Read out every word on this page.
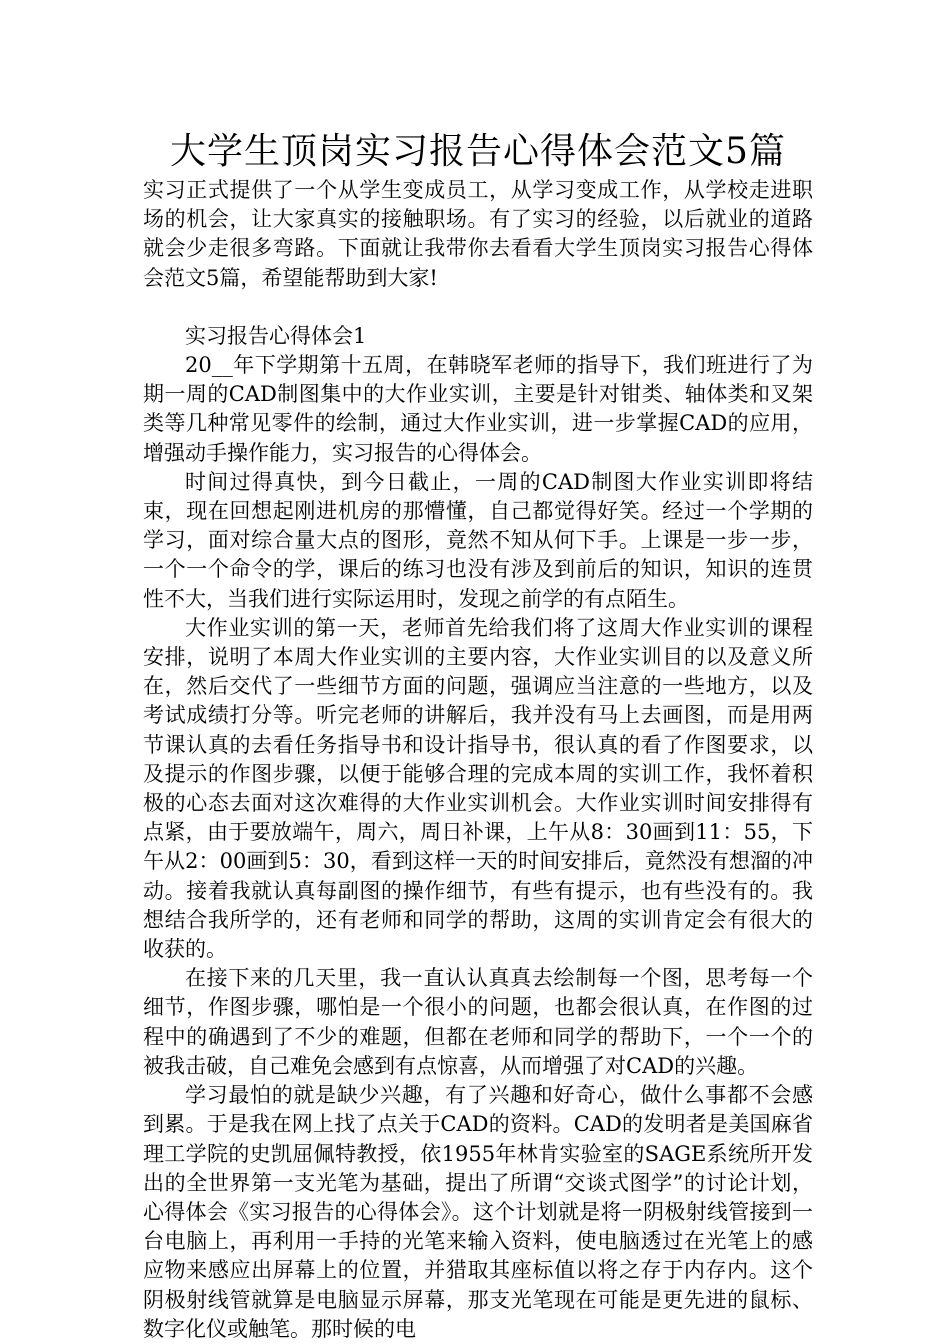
大学生顶岗实习报告心得体会范文5篇

实习正式提供了一个从学生变成员工，从学习变成工作，从学校走进职场的机会，让大家真实的接触职场。有了实习的经验，以后就业的道路就会少走很多弯路。下面就让我带你去看看大学生顶岗实习报告心得体会范文5篇，希望能帮助到大家!

实习报告心得体会1

20__年下学期第十五周，在韩晓军老师的指导下，我们班进行了为期一周的CAD制图集中的大作业实训，主要是针对钳类、轴体类和叉架类等几种常见零件的绘制，通过大作业实训，进一步掌握CAD的应用，增强动手操作能力，实习报告的心得体会。

时间过得真快，到今日截止，一周的CAD制图大作业实训即将结束，现在回想起刚进机房的那懵懂，自己都觉得好笑。经过一个学期的学习，面对综合量大点的图形，竟然不知从何下手。上课是一步一步，一个一个命令的学，课后的练习也没有涉及到前后的知识，知识的连贯性不大，当我们进行实际运用时，发现之前学的有点陌生。

大作业实训的第一天，老师首先给我们将了这周大作业实训的课程安排，说明了本周大作业实训的主要内容，大作业实训目的以及意义所在，然后交代了一些细节方面的问题，强调应当注意的一些地方，以及考试成绩打分等。听完老师的讲解后，我并没有马上去画图，而是用两节课认真的去看任务指导书和设计指导书，很认真的看了作图要求，以及提示的作图步骤，以便于能够合理的完成本周的实训工作，我怀着积极的心态去面对这次难得的大作业实训机会。大作业实训时间安排得有点紧，由于要放端午，周六，周日补课，上午从8：30画到11：55，下午从2：00画到5：30，看到这样一天的时间安排后，竟然没有想溜的冲动。接着我就认真每副图的操作细节，有些有提示，也有些没有的。我想结合我所学的，还有老师和同学的帮助，这周的实训肯定会有很大的收获的。

在接下来的几天里，我一直认认真真去绘制每一个图，思考每一个细节，作图步骤，哪怕是一个很小的问题，也都会很认真，在作图的过程中的确遇到了不少的难题，但都在老师和同学的帮助下，一个一个的被我击破，自己难免会感到有点惊喜，从而增强了对CAD的兴趣。

学习最怕的就是缺少兴趣，有了兴趣和好奇心，做什么事都不会感到累。于是我在网上找了点关于CAD的资料。CAD的发明者是美国麻省理工学院的史凯屈佩特教授，依1955年林肯实验室的SAGE系统所开发出的全世界第一支光笔为基础，提出了所谓“交谈式图学”的讨论计划，心得体会《实习报告的心得体会》。这个计划就是将一阴极射线管接到一台电脑上，再利用一手持的光笔来输入资料，使电脑透过在光笔上的感应物来感应出屏幕上的位置，并猎取其座标值以将之存于内存内。这个阴极射线管就算是电脑显示屏幕，那支光笔现在可能是更先进的鼠标、数字化仪或触笔。那时候的电
